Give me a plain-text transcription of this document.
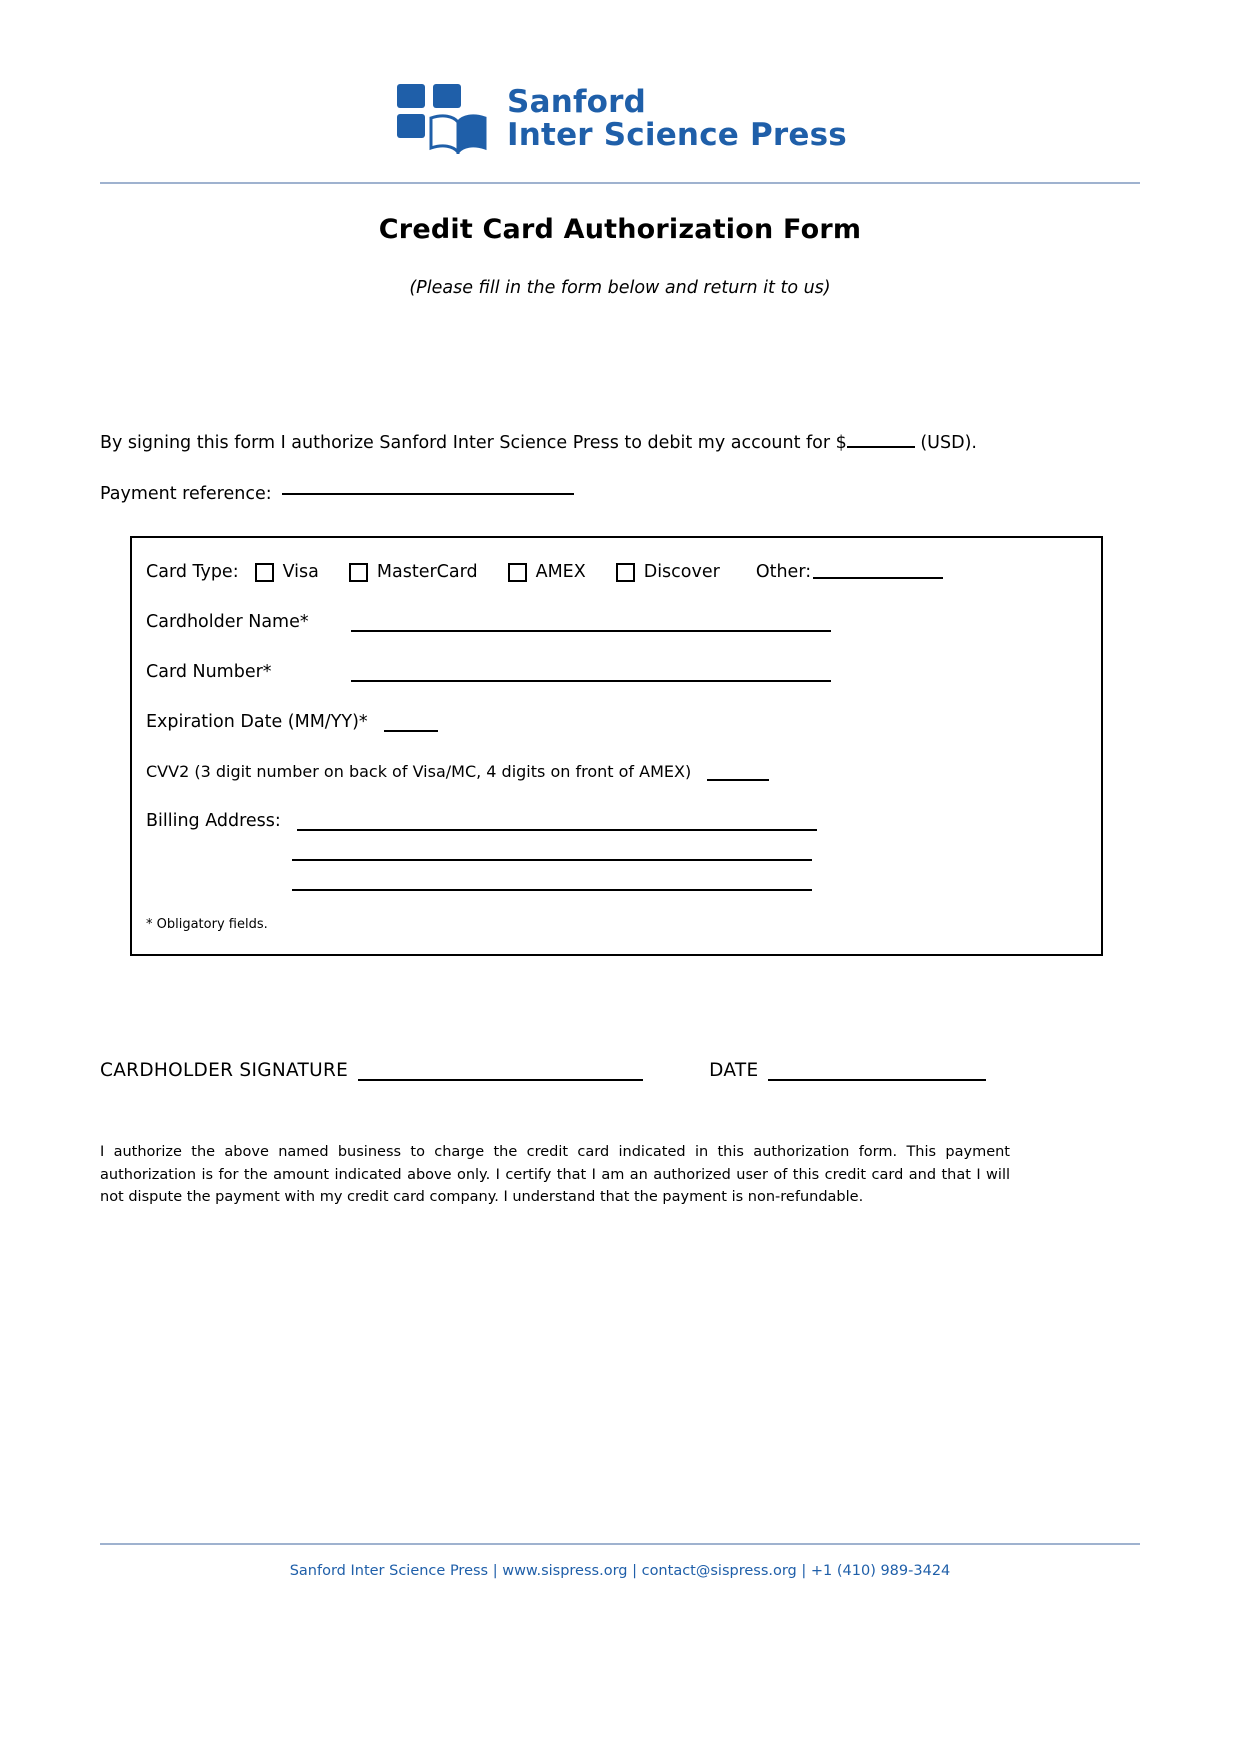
Sanford
Inter Science Press
Credit Card Authorization Form
(Please fill in the form below and return it to us)
By signing this form I authorize Sanford Inter Science Press to debit my account for $	(USD).
Payment reference:
Card Type:	Visa	MasterCard	AMEX	Discover Other:
Cardholder Name*
Card Number*
Expiration Date (MM/YY)*
CVV2 (3 digit number on back of Visa/MC, 4 digits on front of AMEX)
Billing Address:
* Obligatory fields.
CARDHOLDER SIGNATURE	DATE
I authorize the above named business to charge the credit card indicated in this authorization form. This payment authorization is for the amount indicated above only. I certify that I am an authorized user of this credit card and that I will not dispute the payment with my credit card company. I understand that the payment is non-refundable.
Sanford Inter Science Press | www.sispress.org | contact@sispress.org | +1 (410) 989-3424
